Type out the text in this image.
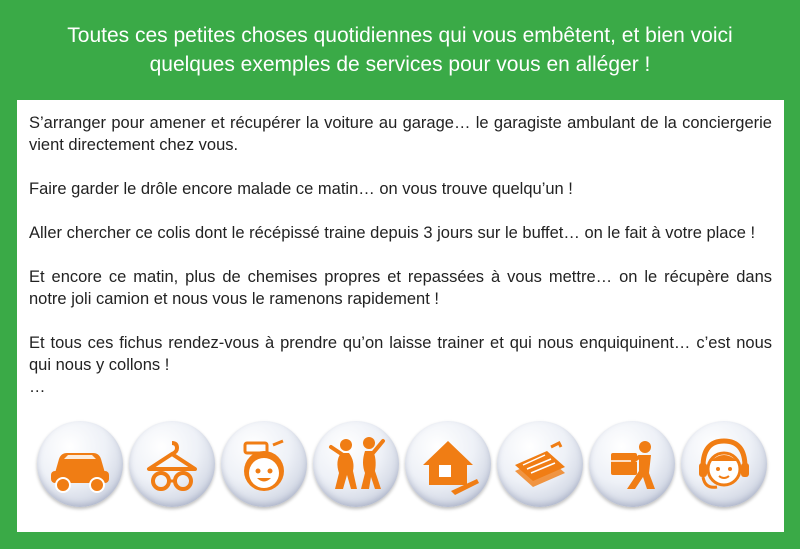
Toutes ces petites choses quotidiennes qui vous embêtent, et bien voici
quelques exemples de services pour vous en alléger !

S’arranger pour amener et récupérer la voiture au garage… le garagiste ambulant de la conciergerie vient directement chez vous.

Faire garder le drôle encore malade ce matin… on vous trouve quelqu’un !

Aller chercher ce colis dont le récépissé traine depuis 3 jours sur le buffet… on le fait à votre place !

Et encore ce matin, plus de chemises propres et repassées à vous mettre… on le récupère dans notre joli camion et nous vous le ramenons rapidement !

Et tous ces fichus rendez-vous à prendre qu’on laisse trainer et qui nous enquiquinent… c’est nous qui nous y collons !

…
